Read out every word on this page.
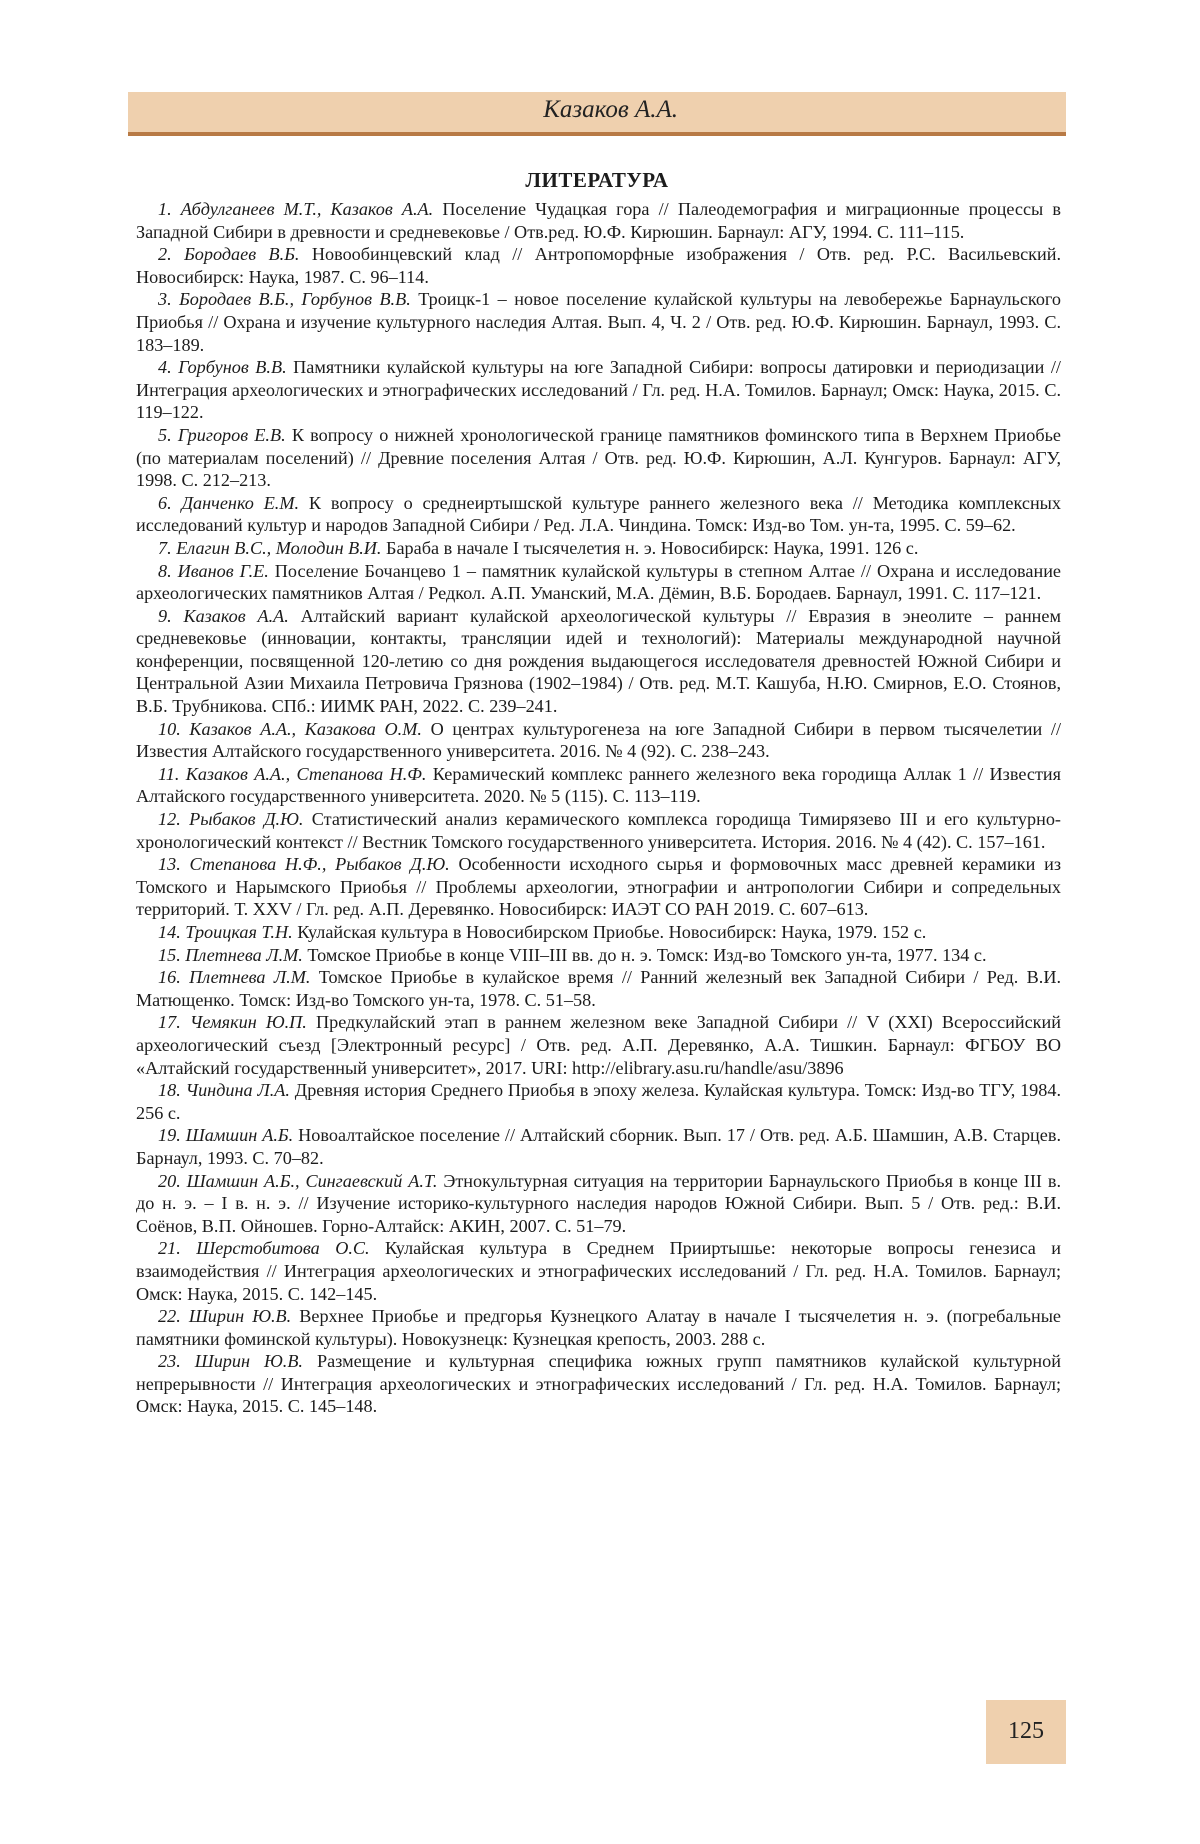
Казаков А.А.
ЛИТЕРАТУРА
1. Абдулганеев М.Т., Казаков А.А. Поселение Чудацкая гора // Палеодемография и миграционные процессы в Западной Сибири в древности и средневековье / Отв.ред. Ю.Ф. Кирюшин. Барнаул: АГУ, 1994. С. 111–115.
2. Бородаев В.Б. Новообинцевский клад // Антропоморфные изображения / Отв. ред. Р.С. Васильевский. Новосибирск: Наука, 1987. С. 96–114.
3. Бородаев В.Б., Горбунов В.В. Троицк-1 – новое поселение кулайской культуры на левобережье Барнаульского Приобья // Охрана и изучение культурного наследия Алтая. Вып. 4, Ч. 2 / Отв. ред. Ю.Ф. Кирюшин. Барнаул, 1993. С. 183–189.
4. Горбунов В.В. Памятники кулайской культуры на юге Западной Сибири: вопросы датировки и периодизации // Интеграция археологических и этнографических исследований / Гл. ред. Н.А. Томилов. Барнаул; Омск: Наука, 2015. С. 119–122.
5. Григоров Е.В. К вопросу о нижней хронологической границе памятников фоминского типа в Верхнем Приобье (по материалам поселений) // Древние поселения Алтая / Отв. ред. Ю.Ф. Кирюшин, А.Л. Кунгуров. Барнаул: АГУ, 1998. С. 212–213.
6. Данченко Е.М. К вопросу о среднеиртышской культуре раннего железного века // Методика комплексных исследований культур и народов Западной Сибири / Ред. Л.А. Чиндина. Томск: Изд-во Том. ун-та, 1995. С. 59–62.
7. Елагин В.С., Молодин В.И. Бараба в начале I тысячелетия н. э. Новосибирск: Наука, 1991. 126 с.
8. Иванов Г.Е. Поселение Бочанцево 1 – памятник кулайской культуры в степном Алтае // Охрана и исследование археологических памятников Алтая / Редкол. А.П. Уманский, М.А. Дёмин, В.Б. Бородаев. Барнаул, 1991. С. 117–121.
9. Казаков А.А. Алтайский вариант кулайской археологической культуры // Евразия в энеолите – раннем средневековье (инновации, контакты, трансляции идей и технологий): Материалы международной научной конференции, посвященной 120-летию со дня рождения выдающегося исследователя древностей Южной Сибири и Центральной Азии Михаила Петровича Грязнова (1902–1984) / Отв. ред. М.Т. Кашуба, Н.Ю. Смирнов, Е.О. Стоянов, В.Б. Трубникова. СПб.: ИИМК РАН, 2022. С. 239–241.
10. Казаков А.А., Казакова О.М. О центрах культурогенеза на юге Западной Сибири в первом тысячелетии // Известия Алтайского государственного университета. 2016. № 4 (92). С. 238–243.
11. Казаков А.А., Степанова Н.Ф. Керамический комплекс раннего железного века городища Аллак 1 // Известия Алтайского государственного университета. 2020. № 5 (115). С. 113–119.
12. Рыбаков Д.Ю. Статистический анализ керамического комплекса городища Тимирязево III и его культурно-хронологический контекст // Вестник Томского государственного университета. История. 2016. № 4 (42). С. 157–161.
13. Степанова Н.Ф., Рыбаков Д.Ю. Особенности исходного сырья и формовочных масс древней керамики из Томского и Нарымского Приобья // Проблемы археологии, этнографии и антропологии Сибири и сопредельных территорий. Т. XXV / Гл. ред. А.П. Деревянко. Новосибирск: ИАЭТ СО РАН 2019. С. 607–613.
14. Троицкая Т.Н. Кулайская культура в Новосибирском Приобье. Новосибирск: Наука, 1979. 152 с.
15. Плетнева Л.М. Томское Приобье в конце VIII–III вв. до н. э. Томск: Изд-во Томского ун-та, 1977. 134 с.
16. Плетнева Л.М. Томское Приобье в кулайское время // Ранний железный век Западной Сибири / Ред. В.И. Матющенко. Томск: Изд-во Томского ун-та, 1978. С. 51–58.
17. Чемякин Ю.П. Предкулайский этап в раннем железном веке Западной Сибири // V (XXI) Всероссийский археологический съезд [Электронный ресурс] / Отв. ред. А.П. Деревянко, А.А. Тишкин. Барнаул: ФГБОУ ВО «Алтайский государственный университет», 2017. URI: http://elibrary.asu.ru/handle/asu/3896
18. Чиндина Л.А. Древняя история Среднего Приобья в эпоху железа. Кулайская культура. Томск: Изд-во ТГУ, 1984. 256 с.
19. Шамшин А.Б. Новоалтайское поселение // Алтайский сборник. Вып. 17 / Отв. ред. А.Б. Шамшин, А.В. Старцев. Барнаул, 1993. С. 70–82.
20. Шамшин А.Б., Сингаевский А.Т. Этнокультурная ситуация на территории Барнаульского Приобья в конце III в. до н. э. – I в. н. э. // Изучение историко-культурного наследия народов Южной Сибири. Вып. 5 / Отв. ред.: В.И. Соёнов, В.П. Ойношев. Горно-Алтайск: АКИН, 2007. С. 51–79.
21. Шерстобитова О.С. Кулайская культура в Среднем Прииртышье: некоторые вопросы генезиса и взаимодействия // Интеграция археологических и этнографических исследований / Гл. ред. Н.А. Томилов. Барнаул; Омск: Наука, 2015. С. 142–145.
22. Ширин Ю.В. Верхнее Приобье и предгорья Кузнецкого Алатау в начале I тысячелетия н. э. (погребальные памятники фоминской культуры). Новокузнецк: Кузнецкая крепость, 2003. 288 с.
23. Ширин Ю.В. Размещение и культурная специфика южных групп памятников кулайской культурной непрерывности // Интеграция археологических и этнографических исследований / Гл. ред. Н.А. Томилов. Барнаул; Омск: Наука, 2015. С. 145–148.
125
